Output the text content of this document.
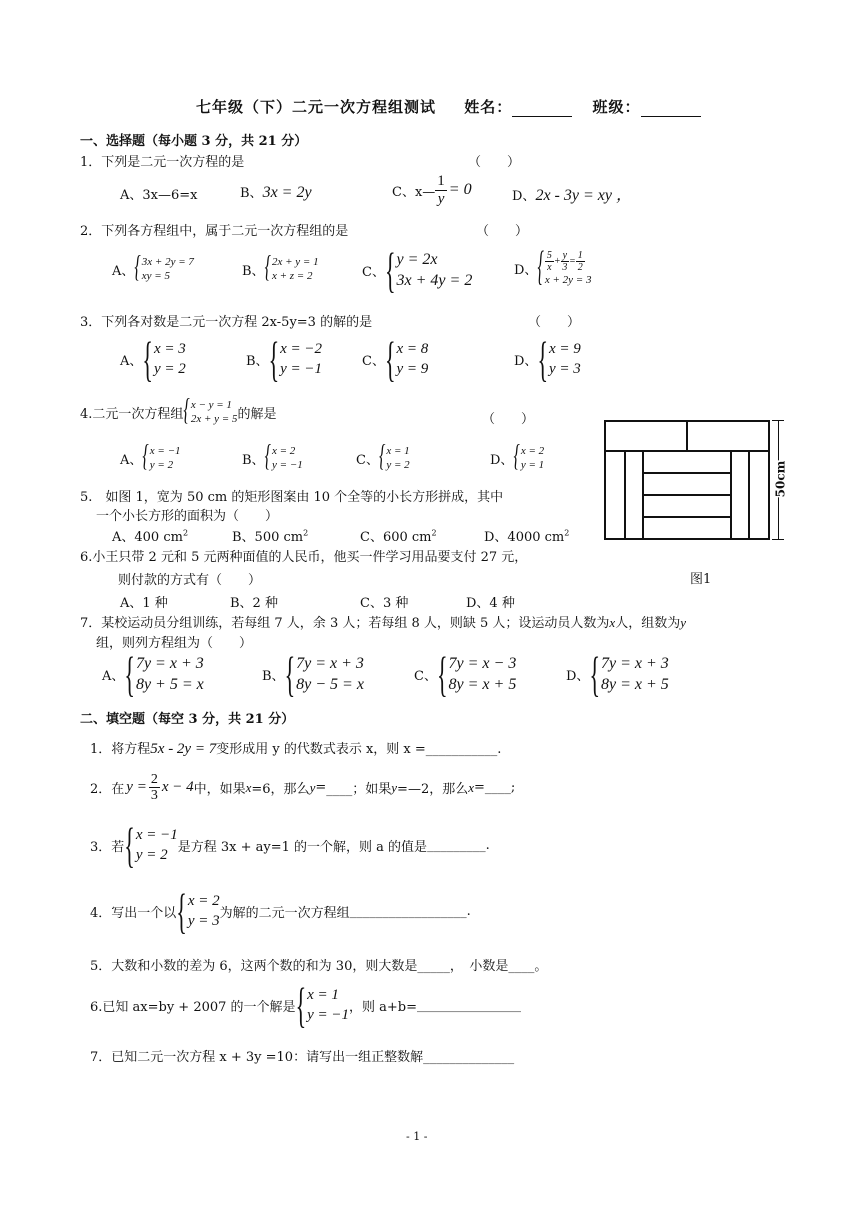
七年级（下）二元一次方程组测试 姓名：	班级：
一、选择题（每小题 3 分，共 21 分）
1．下列是二元一次方程的是	（　　）
A、3x—6=x	B、3x = 2y	C、x— $\frac{1}{y} = 0$	D、2x - 3y = xy ，
2．下列各方程组中，属于二元一次方程组的是	（　　）
A、 { 3x + 2y = 7
xy = 5	B、 { 2x + y = 1
x + z = 2	C、 { y = 2x
3x + 4y = 2
D、 { $\frac{5}{x} + \frac{y}{3} = \frac{1}{2}$
x + 2y = 3
3．下列各对数是二元一次方程 2x-5y=3 的解的是	（　　）
A、 { x = 3
y = 2	B、 { x = −2
y = −1	C、 { x = 8
y = 9	D、 { x = 9
y = 3
4.二元一次方程组 { x − y = 1
2x + y = 5 的解是	（　　）
A、 { x = −1
y = 2	B、 { x = 2
y = −1	C、 { x = 1
y = 2	D、 { x = 2
y = 1
5.　如图 1，宽为 50 cm 的矩形图案由 10 个全等的小长方形拼成，其中
一个小长方形的面积为（　　）
A、400 $cm^2$	B、500 $cm^2$	C、600 $cm^2$	D、4000 $cm^2$
50cm
图1
6.小王只带 2 元和 5 元两种面值的人民币，他买一件学习用品要支付 27 元，
则付款的方式有（　　）
A、1 种	B、2 种	C、3 种	D、4 种
7．某校运动员分组训练，若每组 7 人，余 3 人；若每组 8 人，则缺 5 人；设运动员人数为x人，组数为y
组，则列方程组为（　　）
A、 { 7y = x + 3
8y + 5 = x	B、 { 7y = x + 3
8y − 5 = x	C、 { 7y = x − 3
8y = x + 5	D、 { 7y = x + 3
8y = x + 5
二、填空题（每空 3 分，共 21 分）
1．将方程5x - 2y = 7变形成用 y 的代数式表示 x，则 x =___________.
2．在 $y = \frac{2}{3}$ x − 4 中，如果 x =6，那么 y = ____；如果 y =—2，那么 x = ____;
3．若 { x = −1
y = 2 是方程 3x + ay=1 的一个解，则 a 的值是 _________.
4．写出一个以 { x = 2
y = 3 为解的二元一次方程组 __________________.
5．大数和小数的差为 6，这两个数的和为 30，则大数是_____，　小数是____。
6.已知 ax=by + 2007 的一个解是 { x = 1
y = −1 ，则 a+b= ________________
7．已知二元一次方程 x + 3y =10：请写出一组正整数解______________
- 1 -
